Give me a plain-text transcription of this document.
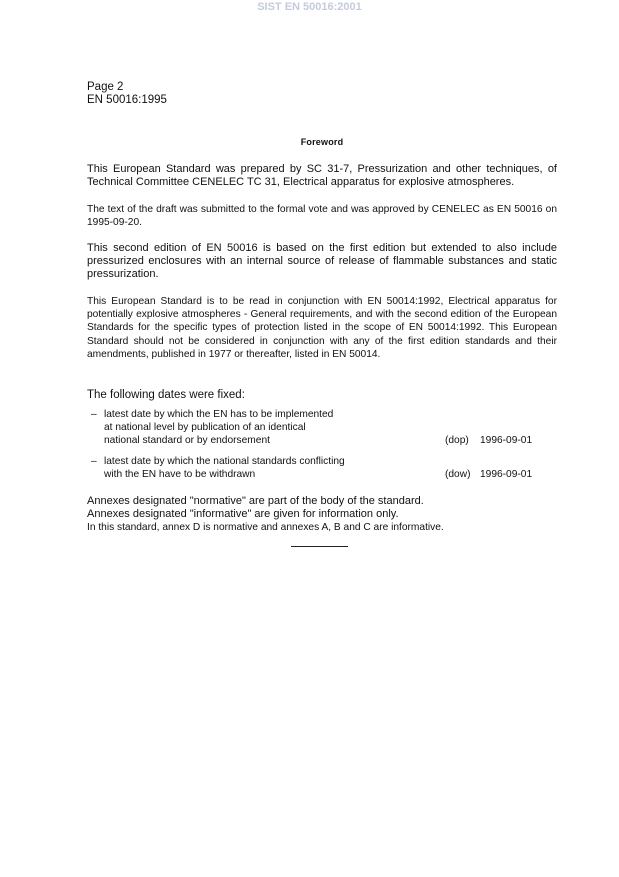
SIST EN 50016:2001
Page 2
EN 50016:1995
Foreword
This European Standard was prepared by SC 31-7, Pressurization and other techniques, of Technical Committee CENELEC TC 31, Electrical apparatus for explosive atmospheres.
The text of the draft was submitted to the formal vote and was approved by CENELEC as EN 50016 on 1995-09-20.
This second edition of EN 50016 is based on the first edition but extended to also include pressurized enclosures with an internal source of release of flammable substances and static pressurization.
This European Standard is to be read in conjunction with EN 50014:1992, Electrical apparatus for potentially explosive atmospheres - General requirements, and with the second edition of the European Standards for the specific types of protection listed in the scope of EN 50014:1992. This European Standard should not be considered in conjunction with any of the first edition standards and their amendments, published in 1977 or thereafter, listed in EN 50014.
The following dates were fixed:
– latest date by which the EN has to be implemented
at national level by publication of an identical
national standard or by endorsement	(dop) 1996-09-01
– latest date by which the national standards conflicting
with the EN have to be withdrawn	(dow) 1996-09-01
Annexes designated "normative" are part of the body of the standard.
Annexes designated "informative" are given for information only.
In this standard, annex D is normative and annexes A, B and C are informative.
